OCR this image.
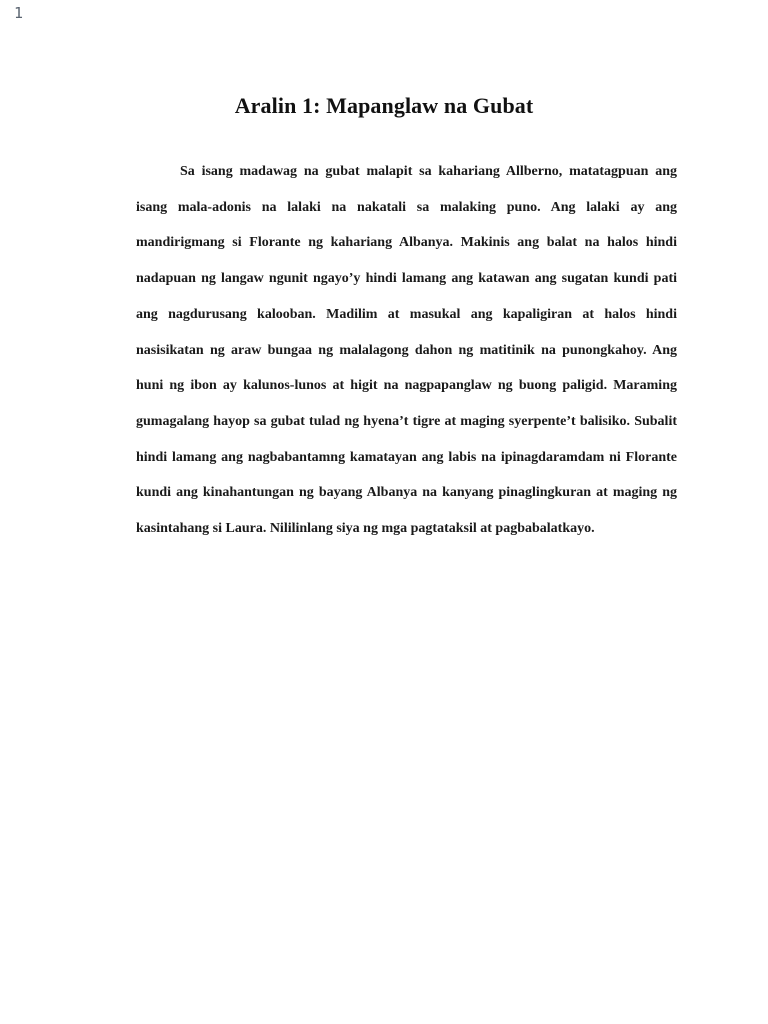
1
Aralin 1: Mapanglaw na Gubat

Sa isang madawag na gubat malapit sa kahariang Allberno, matatagpuan ang isang mala-adonis na lalaki na nakatali sa malaking puno. Ang lalaki ay ang mandirigmang si Florante ng kahariang Albanya. Makinis ang balat na halos hindi nadapuan ng langaw ngunit ngayo’y hindi lamang ang katawan ang sugatan kundi pati ang nagdurusang kalooban. Madilim at masukal ang kapaligiran at halos hindi nasisikatan ng araw bungaa ng malalagong dahon ng matitinik na punongkahoy. Ang huni ng ibon ay kalunos-lunos at higit na nagpapanglaw ng buong paligid. Maraming gumagalang hayop sa gubat tulad ng hyena’t tigre at maging syerpente’t balisiko. Subalit hindi lamang ang nagbabantamng kamatayan ang labis na ipinagdaramdam ni Florante kundi ang kinahantungan ng bayang Albanya na kanyang pinaglingkuran at maging ng kasintahang si Laura. Nililinlang siya ng mga pagtataksil at pagbabalatkayo.
